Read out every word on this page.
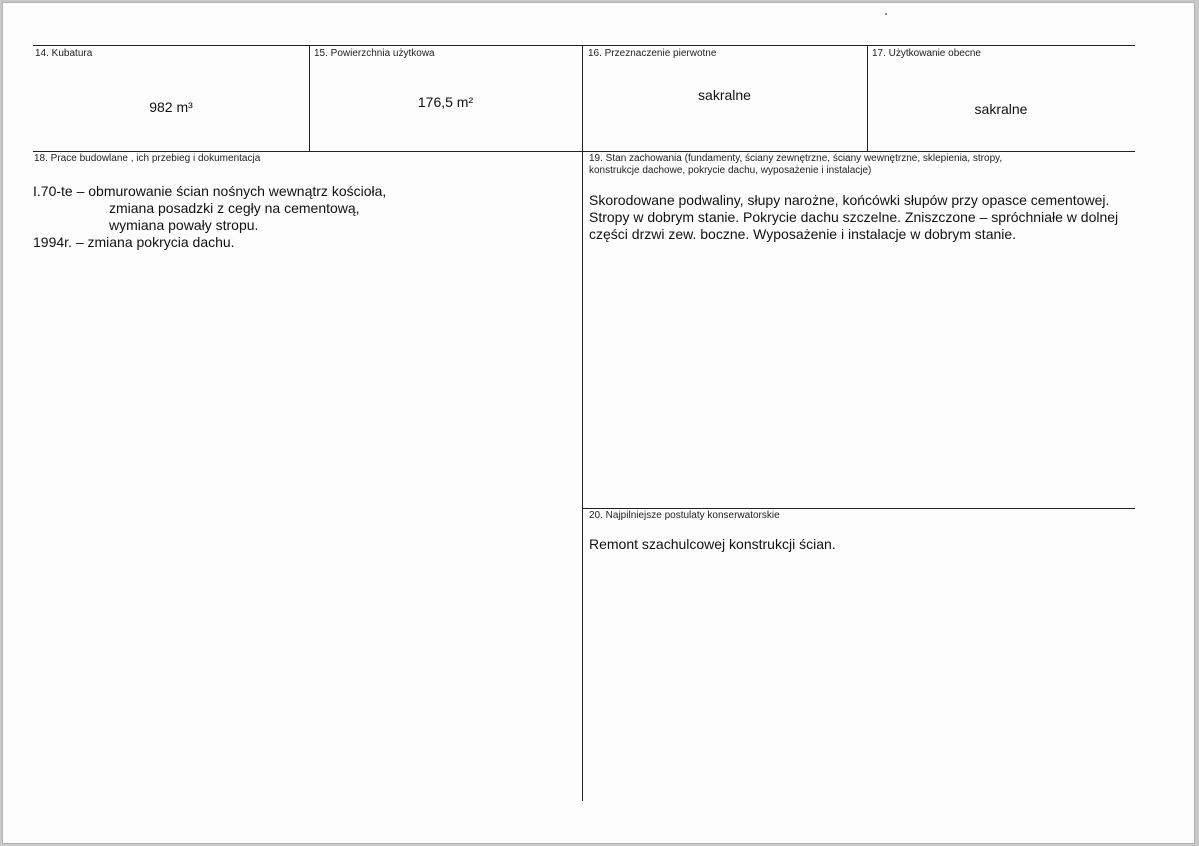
14. Kubatura
982 m³
15. Powierzchnia użytkowa
176,5 m²
16. Przeznaczenie pierwotne
sakralne
17. Użytkowanie obecne
sakralne
18. Prace budowlane , ich przebieg i dokumentacja
I.70-te – obmurowanie ścian nośnych wewnątrz kościoła,
zmiana posadzki z cegły na cementową,
wymiana powały stropu.
1994r. – zmiana pokrycia dachu.
19. Stan zachowania (fundamenty, ściany zewnętrzne, ściany wewnętrzne, sklepienia, stropy,
konstrukcje dachowe, pokrycie dachu, wyposażenie i instalacje)
Skorodowane podwaliny, słupy narożne, końcówki słupów przy opasce cementowej.
Stropy w dobrym stanie. Pokrycie dachu szczelne. Zniszczone – spróchniałe w dolnej
części drzwi zew. boczne. Wyposażenie i instalacje w dobrym stanie.
20. Najpilniejsze postulaty konserwatorskie
Remont szachulcowej konstrukcji ścian.
